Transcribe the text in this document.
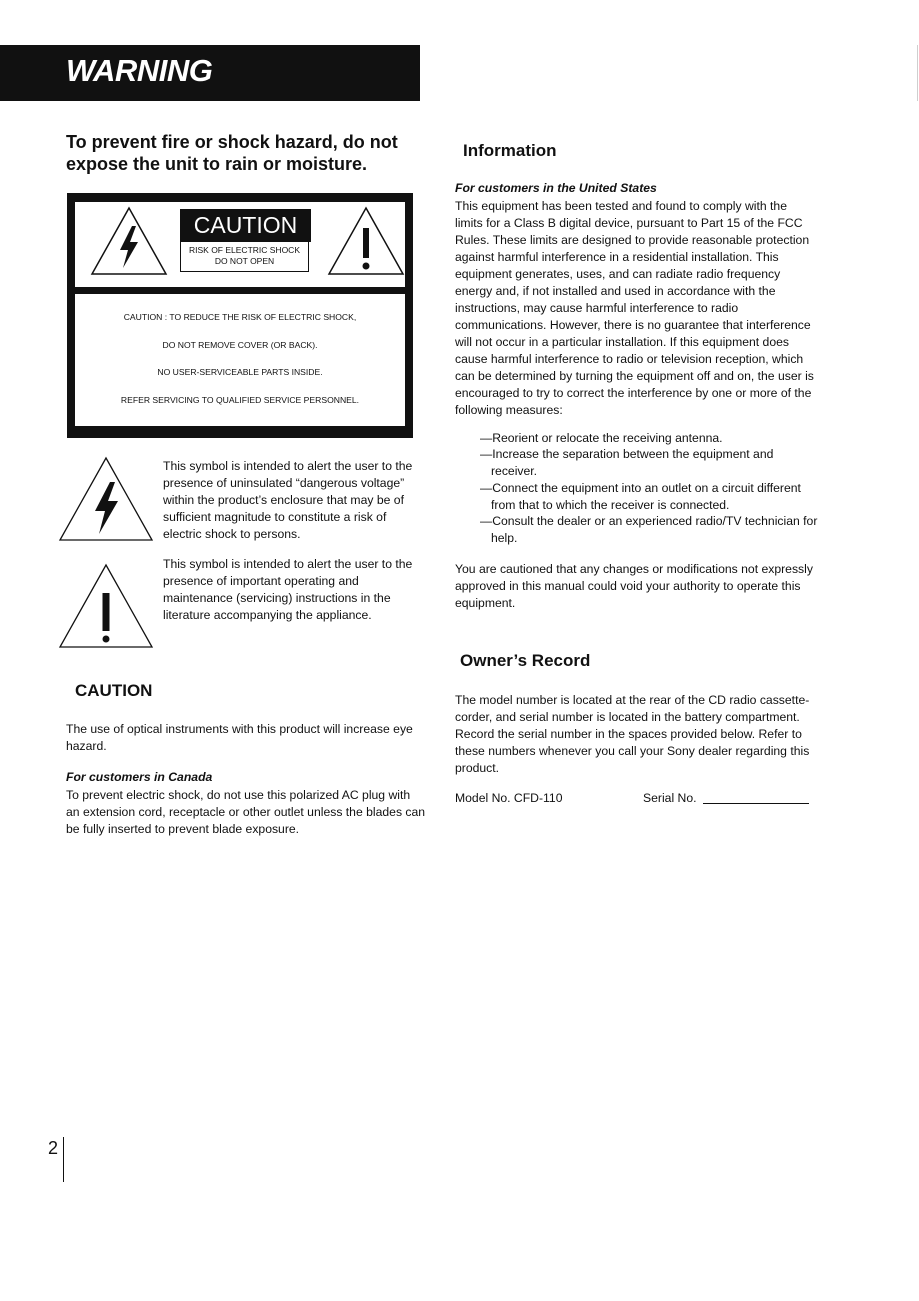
WARNING
To prevent fire or shock hazard, do not expose the unit to rain or moisture.
CAUTION
RISK OF ELECTRIC SHOCK
DO NOT OPEN
CAUTION : TO REDUCE THE RISK OF ELECTRIC SHOCK,
DO NOT REMOVE COVER (OR BACK).
NO USER-SERVICEABLE PARTS INSIDE.
REFER SERVICING TO QUALIFIED SERVICE PERSONNEL.
This symbol is intended to alert the user to the presence of uninsulated “dangerous voltage” within the product’s enclosure that may be of sufficient magnitude to constitute a risk of electric shock to persons.
This symbol is intended to alert the user to the presence of important operating and maintenance (servicing) instructions in the literature accompanying the appliance.
CAUTION
The use of optical instruments with this product will increase eye hazard.
For customers in Canada
To prevent electric shock, do not use this polarized AC plug with an extension cord, receptacle or other outlet unless the blades can be fully inserted to prevent blade exposure.
Information
For customers in the United States
This equipment has been tested and found to comply with the limits for a Class B digital device, pursuant to Part 15 of the FCC Rules. These limits are designed to provide reasonable protection against harmful interference in a residential installation. This equipment generates, uses, and can radiate radio frequency energy and, if not installed and used in accordance with the instructions, may cause harmful interference to radio communications. However, there is no guarantee that interference will not occur in a particular installation. If this equipment does cause harmful interference to radio or television reception, which can be determined by turning the equipment off and on, the user is encouraged to try to correct the interference by one or more of the following measures:
—Reorient or relocate the receiving antenna.
—Increase the separation between the equipment and receiver.
—Connect the equipment into an outlet on a circuit different from that to which the receiver is connected.
—Consult the dealer or an experienced radio/TV technician for help.
You are cautioned that any changes or modifications not expressly approved in this manual could void your authority to operate this equipment.
Owner’s Record
The model number is located at the rear of the CD radio cassette-corder, and serial number is located in the battery compartment. Record the serial number in the spaces provided below. Refer to these numbers whenever you call your Sony dealer regarding this product.
Model No. CFD-110	Serial No.
2
